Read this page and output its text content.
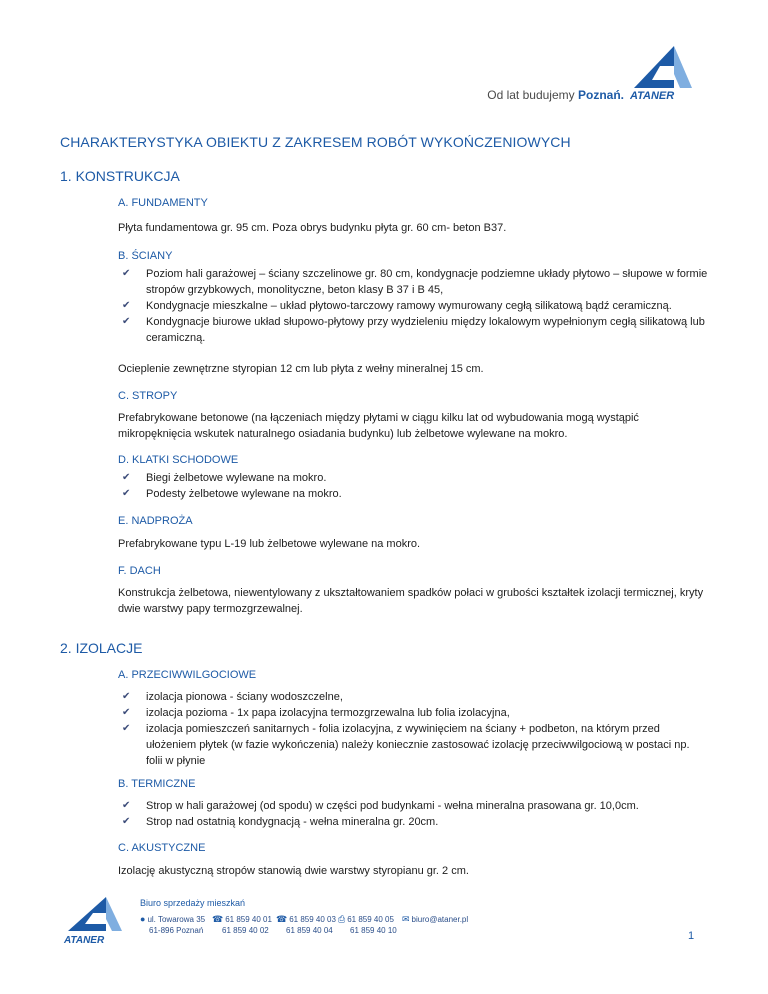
Od lat budujemy Poznań. ATANER
CHARAKTERYSTYKA OBIEKTU Z ZAKRESEM ROBÓT WYKOŃCZENIOWYCH
1. KONSTRUKCJA
A. FUNDAMENTY
Płyta fundamentowa gr. 95 cm. Poza obrys budynku płyta gr. 60 cm- beton B37.
B. ŚCIANY
✔	Poziom hali garażowej – ściany szczelinowe gr. 80 cm, kondygnacje podziemne układy płytowo – słupowe w formie stropów grzybkowych, monolityczne, beton klasy B 37 i B 45,
✔	Kondygnacje mieszkalne – układ płytowo-tarczowy ramowy wymurowany cegłą silikatową bądź ceramiczną.
✔	Kondygnacje biurowe układ słupowo-płytowy przy wydzieleniu między lokalowym wypełnionym cegłą silikatową lub ceramiczną.
Ocieplenie zewnętrzne styropian 12 cm lub płyta z wełny mineralnej 15 cm.
C. STROPY
Prefabrykowane betonowe (na łączeniach między płytami w ciągu kilku lat od wybudowania mogą wystąpić mikropęknięcia wskutek naturalnego osiadania budynku) lub żelbetowe wylewane na mokro.
D. KLATKI SCHODOWE
✔	Biegi żelbetowe wylewane na mokro.
✔	Podesty żelbetowe wylewane na mokro.
E. NADPROŻA
Prefabrykowane typu L-19 lub żelbetowe wylewane na mokro.
F. DACH
Konstrukcja żelbetowa, niewentylowany z ukształtowaniem spadków połaci w grubości kształtek izolacji termicznej, kryty dwie warstwy papy termozgrzewalnej.
2. IZOLACJE
A. PRZECIWWILGOCIOWE
✔	izolacja pionowa - ściany wodoszczelne,
✔	izolacja pozioma - 1x papa izolacyjna termozgrzewalna lub folia izolacyjna,
✔	izolacja pomieszczeń sanitarnych - folia izolacyjna, z wywinięciem na ściany + podbeton, na którym przed ułożeniem płytek (w fazie wykończenia) należy koniecznie zastosować izolację przeciwwilgociową w postaci np. folii w płynie
B. TERMICZNE
✔	Strop w hali garażowej (od spodu) w części pod budynkami - wełna mineralna prasowana gr. 10,0cm.
✔	Strop nad ostatnią kondygnacją - wełna mineralna gr. 20cm.
C. AKUSTYCZNE
Izolację akustyczną stropów stanowią dwie warstwy styropianu gr. 2 cm.
ATANER
Biuro sprzedaży mieszkań
● ul. Towarowa 35
61-896 Poznań
☎ 61 859 40 01
61 859 40 02
☎ 61 859 40 03
61 859 40 04
⎙ 61 859 40 05
61 859 40 10
✉ biuro@ataner.pl
1
